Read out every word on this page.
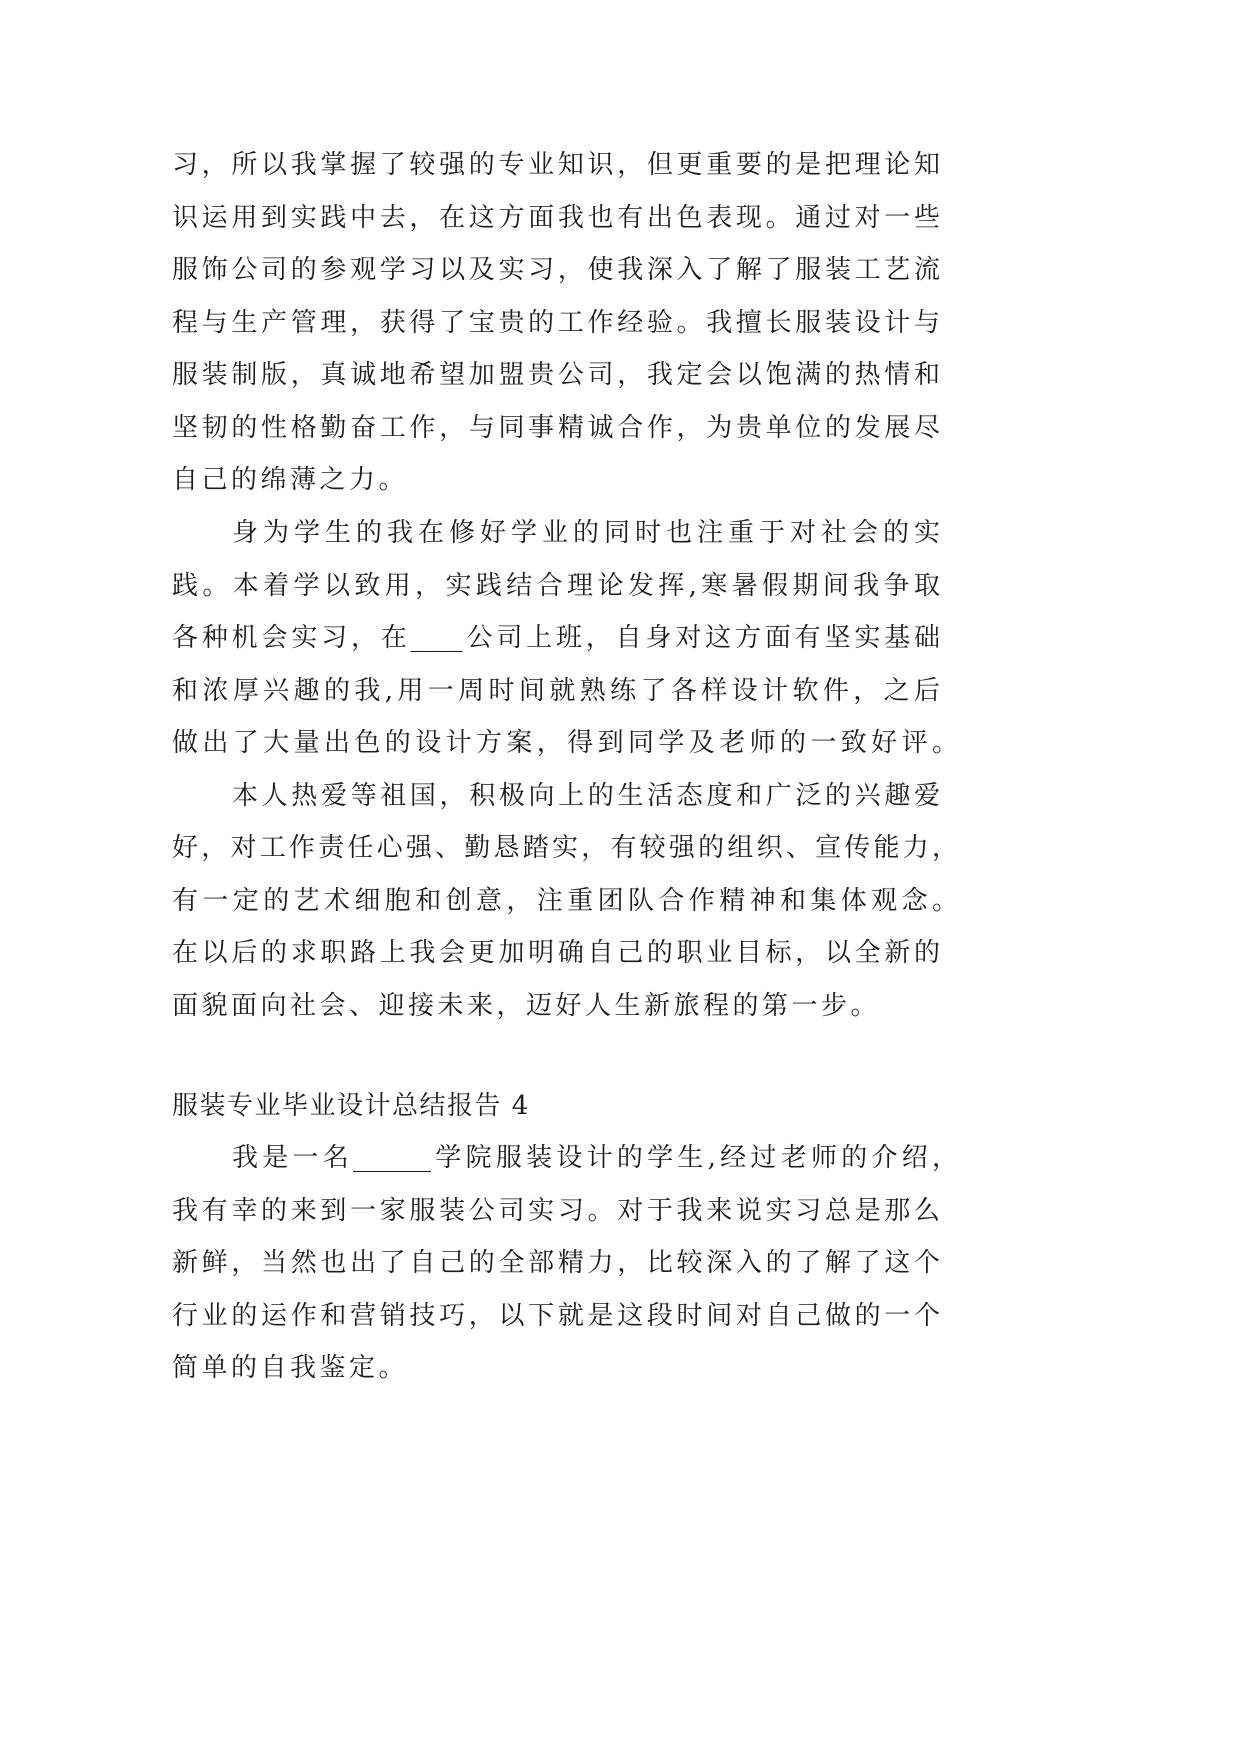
习，所以我掌握了较强的专业知识，但更重要的是把理论知
识运用到实践中去，在这方面我也有出色表现。通过对一些
服饰公司的参观学习以及实习，使我深入了解了服装工艺流
程与生产管理，获得了宝贵的工作经验。我擅长服装设计与
服装制版，真诚地希望加盟贵公司，我定会以饱满的热情和
坚韧的性格勤奋工作，与同事精诚合作，为贵单位的发展尽
自己的绵薄之力。
身为学生的我在修好学业的同时也注重于对社会的实
践。本着学以致用，实践结合理论发挥,寒暑假期间我争取
各种机会实习，在____公司上班，自身对这方面有坚实基础
和浓厚兴趣的我,用一周时间就熟练了各样设计软件，之后
做出了大量出色的设计方案，得到同学及老师的一致好评。
本人热爱等祖国，积极向上的生活态度和广泛的兴趣爱
好，对工作责任心强、勤恳踏实，有较强的组织、宣传能力，
有一定的艺术细胞和创意，注重团队合作精神和集体观念。
在以后的求职路上我会更加明确自己的职业目标，以全新的
面貌面向社会、迎接未来，迈好人生新旅程的第一步。
服装专业毕业设计总结报告 4
我是一名______学院服装设计的学生,经过老师的介绍，
我有幸的来到一家服装公司实习。对于我来说实习总是那么
新鲜，当然也出了自己的全部精力，比较深入的了解了这个
行业的运作和营销技巧，以下就是这段时间对自己做的一个
简单的自我鉴定。
